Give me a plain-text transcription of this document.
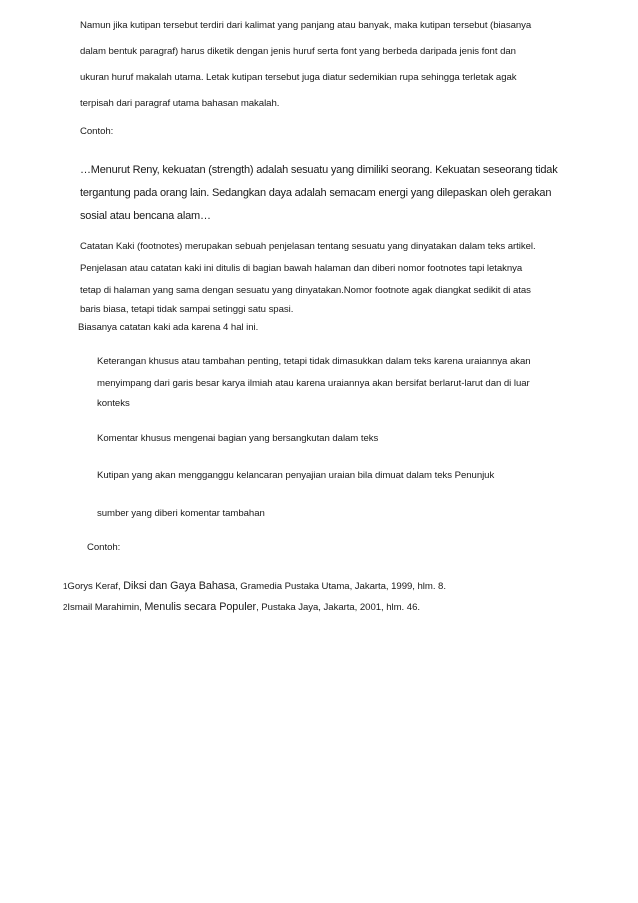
Namun jika kutipan tersebut terdiri dari kalimat yang panjang atau banyak, maka kutipan tersebut (biasanya
dalam bentuk paragraf) harus diketik dengan jenis huruf serta font yang berbeda daripada jenis font dan
ukuran huruf makalah utama. Letak kutipan tersebut juga diatur sedemikian rupa sehingga terletak agak
terpisah dari paragraf utama bahasan makalah.
Contoh:
…Menurut Reny, kekuatan (strength) adalah sesuatu yang dimiliki seorang. Kekuatan seseorang tidak
tergantung pada orang lain. Sedangkan daya adalah semacam energi yang dilepaskan oleh gerakan
sosial atau bencana alam…
Catatan Kaki (footnotes) merupakan sebuah penjelasan tentang sesuatu yang dinyatakan dalam teks artikel.
Penjelasan atau catatan kaki ini ditulis di bagian bawah halaman dan diberi nomor footnotes tapi letaknya
tetap di halaman yang sama dengan sesuatu yang dinyatakan.Nomor footnote agak diangkat sedikit di atas
baris biasa, tetapi tidak sampai setinggi satu spasi.
Biasanya catatan kaki ada karena 4 hal ini.
Keterangan khusus atau tambahan penting, tetapi tidak dimasukkan dalam teks karena uraiannya akan
menyimpang dari garis besar karya ilmiah atau karena uraiannya akan bersifat berlarut-larut dan di luar
konteks
Komentar khusus mengenai bagian yang bersangkutan dalam teks
Kutipan yang akan mengganggu kelancaran penyajian uraian bila dimuat dalam teks Penunjuk
sumber yang diberi komentar tambahan
Contoh:
1Gorys Keraf, Diksi dan Gaya Bahasa, Gramedia Pustaka Utama, Jakarta, 1999, hlm. 8.
2Ismail Marahimin, Menulis secara Populer, Pustaka Jaya, Jakarta, 2001, hlm. 46.
